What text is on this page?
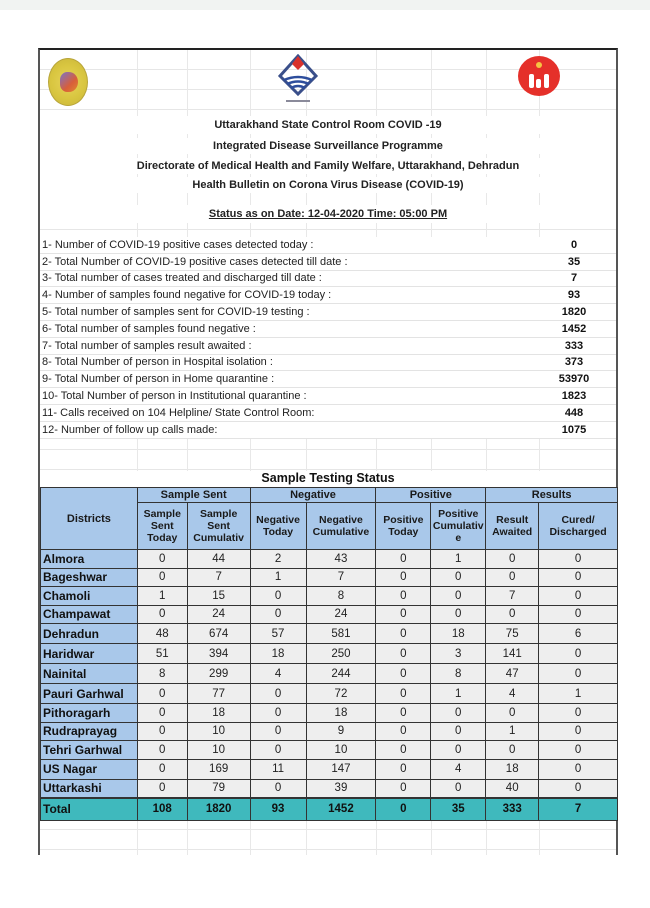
Uttarakhand State Control Room COVID -19
Integrated Disease Surveillance Programme
Directorate of Medical Health and Family Welfare, Uttarakhand, Dehradun
Health Bulletin on Corona Virus Disease (COVID-19)
Status as on Date: 12-04-2020 Time: 05:00 PM
1- Number of COVID-19 positive cases detected today :	0
2- Total Number of COVID-19 positive cases detected till date :	35
3- Total number of cases treated and discharged till date :	7
4- Number of samples found negative for COVID-19 today :	93
5- Total number of samples sent for COVID-19 testing :	1820
6- Total number of samples found negative :	1452
7- Total number of samples result awaited :	333
8- Total Number of person in Hospital isolation :	373
9- Total Number of person in Home quarantine :	53970
10- Total Number of person in Institutional quarantine :	1823
11- Calls received on 104 Helpline/ State Control Room:	448
12- Number of follow up calls made:	1075
Sample Testing Status
Districts	Sample Sent		Negative		Positive		Results	
	Sample Sent Today	Sample Sent Cumulativ	Negative Today	Negative Cumulative	Positive Today	Positive Cumulativ e	Result Awaited	Cured/ Discharged
Almora	0	44	2	43	0	1	0	0
Bageshwar	0	7	1	7	0	0	0	0
Chamoli	1	15	0	8	0	0	7	0
Champawat	0	24	0	24	0	0	0	0
Dehradun	48	674	57	581	0	18	75	6
Haridwar	51	394	18	250	0	3	141	0
Nainital	8	299	4	244	0	8	47	0
Pauri Garhwal	0	77	0	72	0	1	4	1
Pithoragarh	0	18	0	18	0	0	0	0
Rudraprayag	0	10	0	9	0	0	1	0
Tehri Garhwal	0	10	0	10	0	0	0	0
US Nagar	0	169	11	147	0	4	18	0
Uttarkashi	0	79	0	39	0	0	40	0
Total	108	1820	93	1452	0	35	333	7
